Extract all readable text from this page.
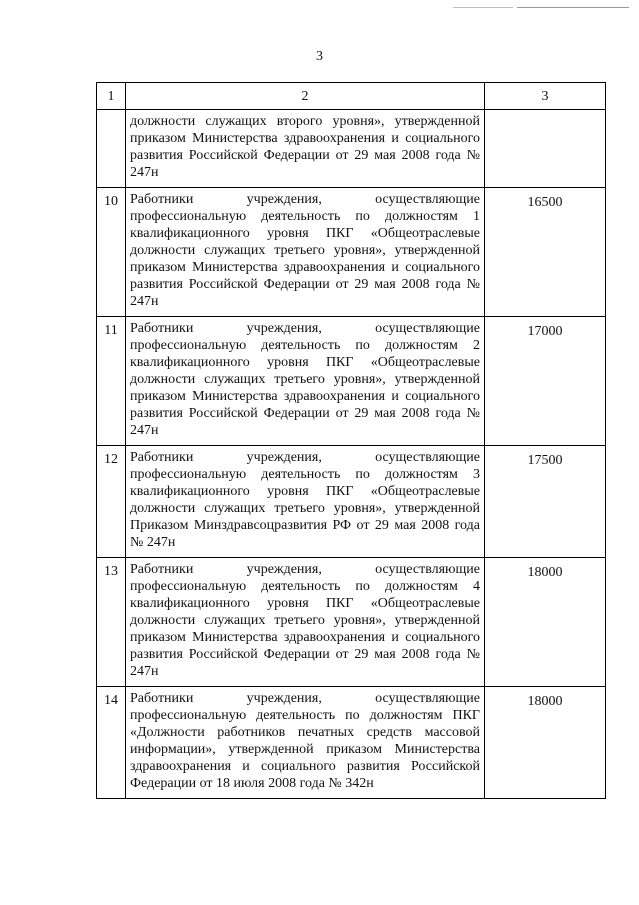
3
1	2	3
	должности служащих второго уровня», утвержденной приказом Министерства здравоохранения и социального развития Российской Федерации от 29 мая 2008 года № 247н	
10	Работники учреждения, осуществляющие профессиональную деятельность по должностям 1 квалификационного уровня ПКГ «Общеотраслевые должности служащих третьего уровня», утвержденной приказом Министерства здравоохранения и социального развития Российской Федерации от 29 мая 2008 года № 247н	16500
11	Работники учреждения, осуществляющие профессиональную деятельность по должностям 2 квалификационного уровня ПКГ «Общеотраслевые должности служащих третьего уровня», утвержденной приказом Министерства здравоохранения и социального развития Российской Федерации от 29 мая 2008 года № 247н	17000
12	Работники учреждения, осуществляющие профессиональную деятельность по должностям 3 квалификационного уровня ПКГ «Общеотраслевые должности служащих третьего уровня», утвержденной Приказом Минздравсоцразвития РФ от 29 мая 2008 года № 247н	17500
13	Работники учреждения, осуществляющие профессиональную деятельность по должностям 4 квалификационного уровня ПКГ «Общеотраслевые должности служащих третьего уровня», утвержденной приказом Министерства здравоохранения и социального развития Российской Федерации от 29 мая 2008 года № 247н	18000
14	Работники учреждения, осуществляющие профессиональную деятельность по должностям ПКГ «Должности работников печатных средств массовой информации», утвержденной приказом Министерства здравоохранения и социального развития Российской Федерации от 18 июля 2008 года № 342н	18000
